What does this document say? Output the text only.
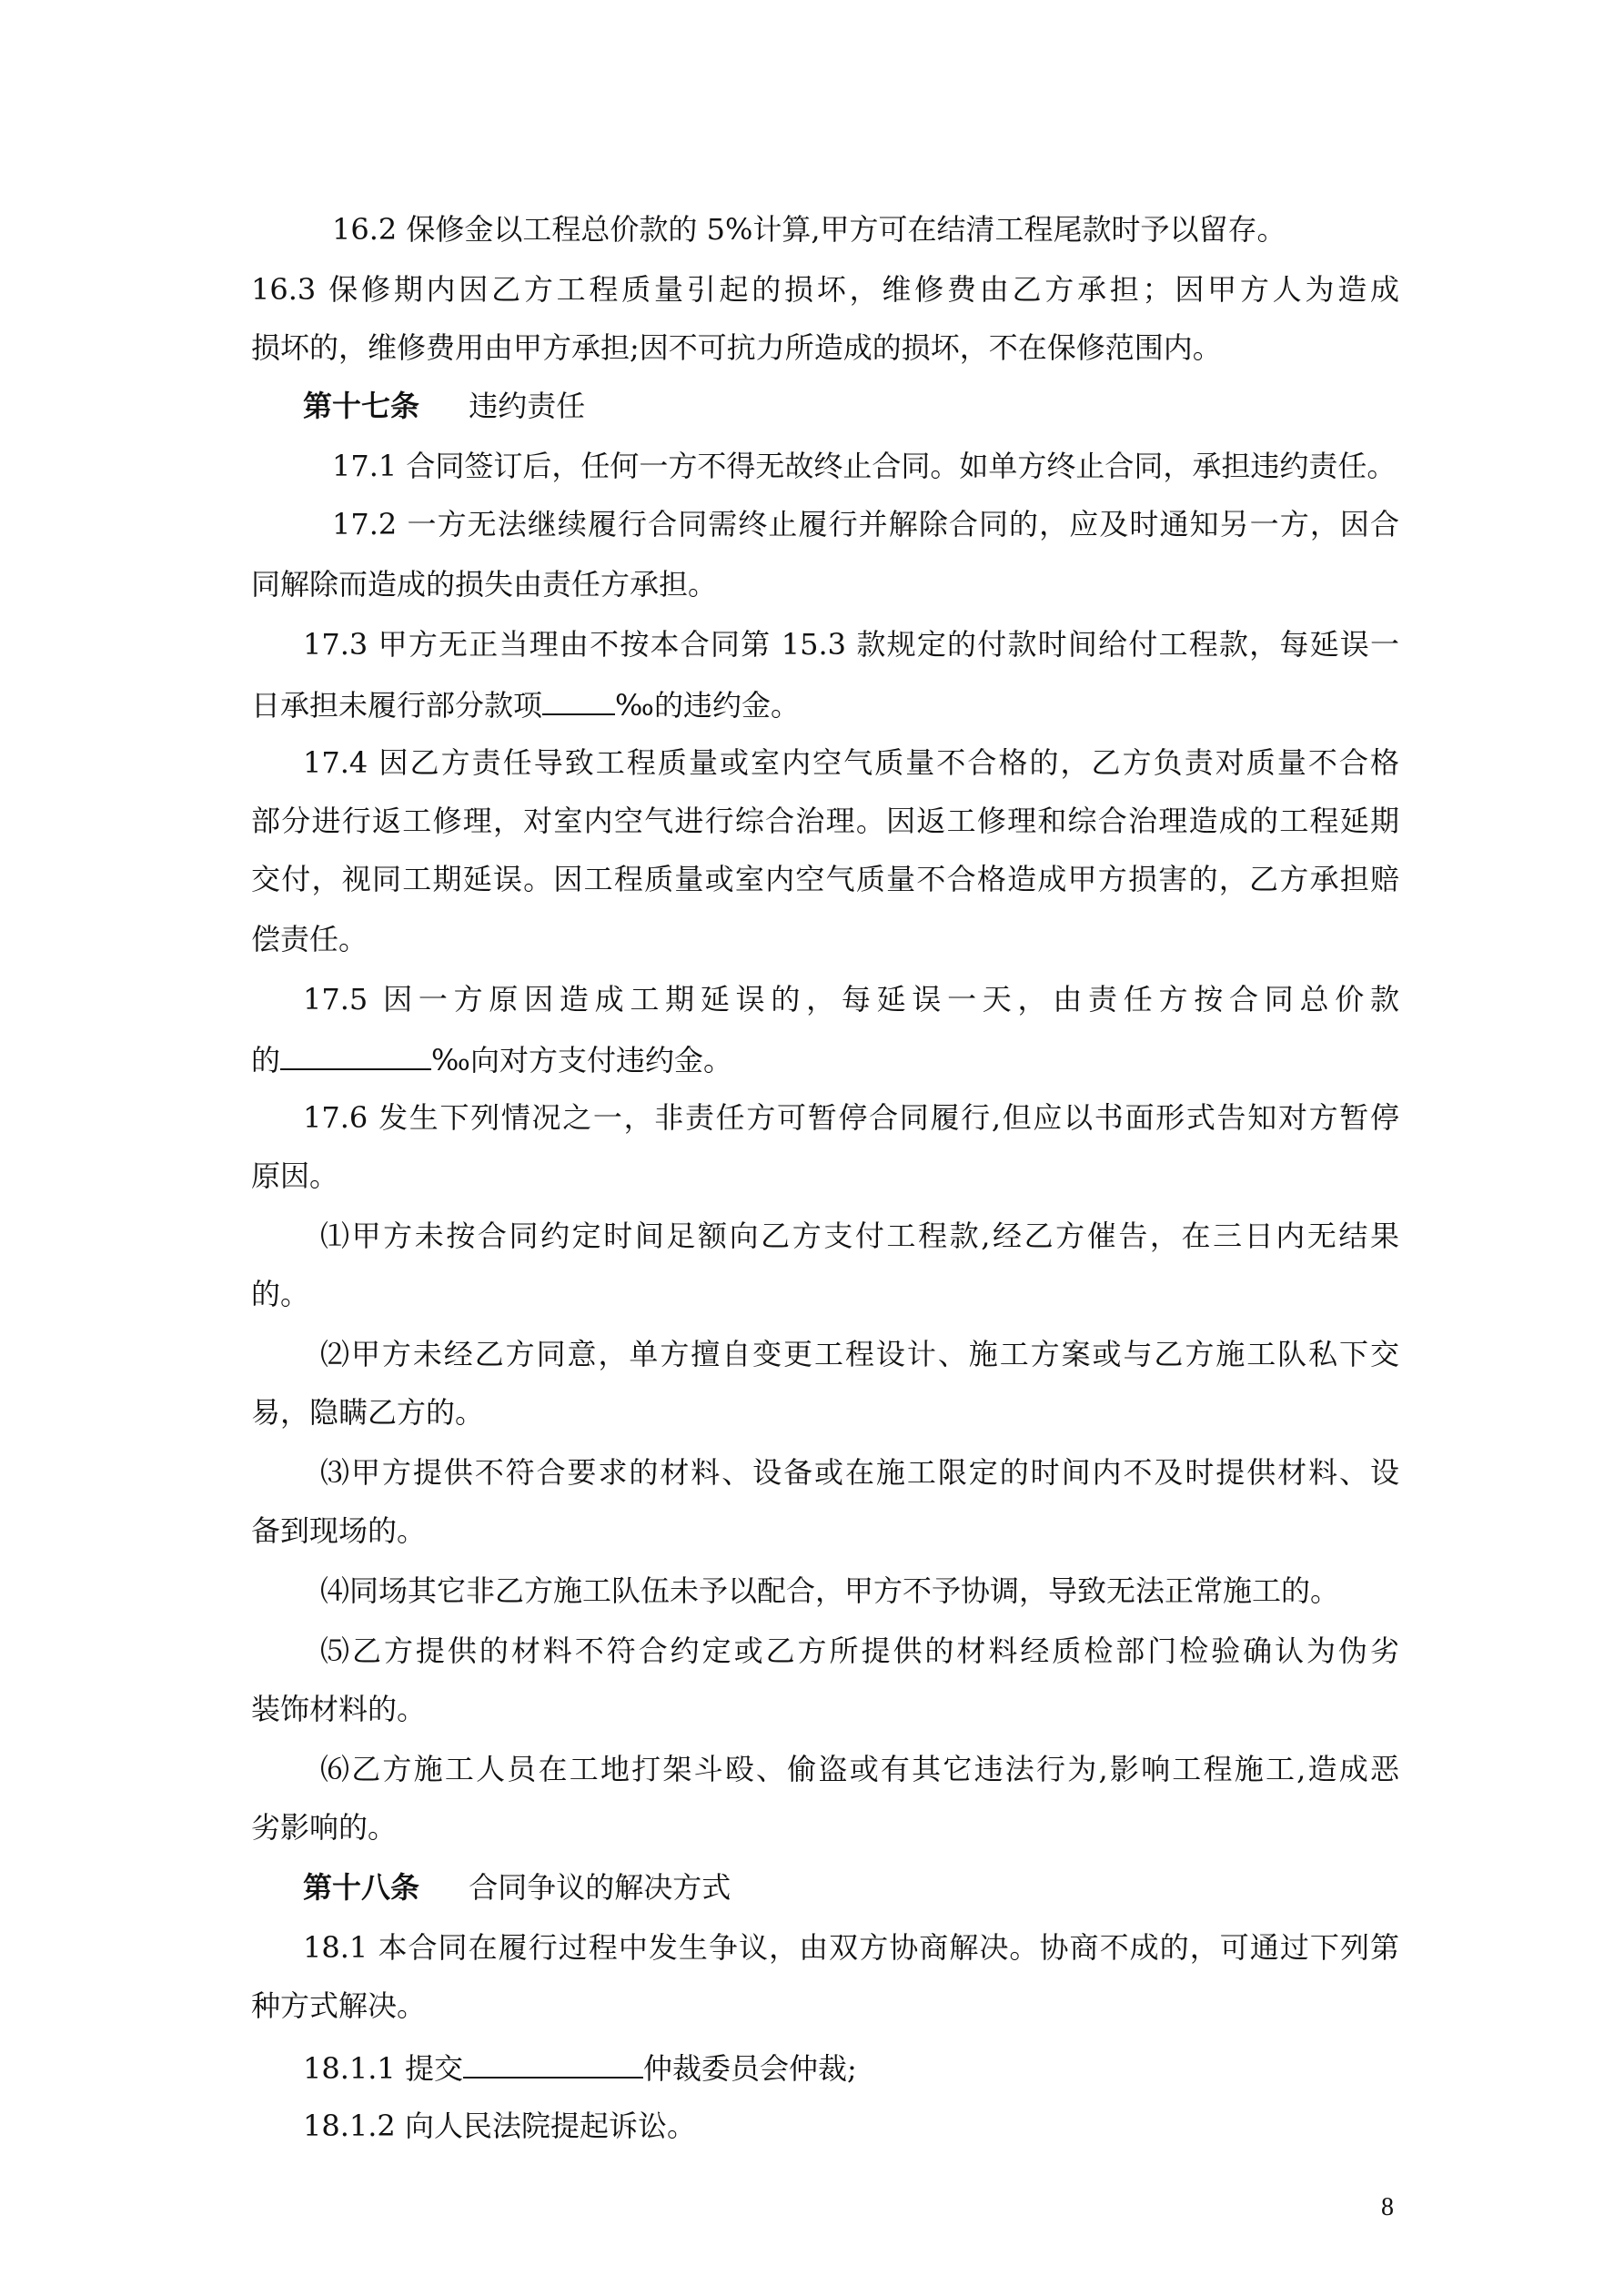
16.2 保修金以工程总价款的 5%计算,甲方可在结清工程尾款时予以留存。
16.3 保修期内因乙方工程质量引起的损坏，维修费由乙方承担；因甲方人为造成
损坏的，维修费用由甲方承担;因不可抗力所造成的损坏，不在保修范围内。
第十七条 违约责任
17.1 合同签订后，任何一方不得无故终止合同。如单方终止合同，承担违约责任。
17.2 一方无法继续履行合同需终止履行并解除合同的，应及时通知另一方，因合
同解除而造成的损失由责任方承担。
17.3 甲方无正当理由不按本合同第 15.3 款规定的付款时间给付工程款，每延误一
日承担未履行部分款项	‰的违约金。
17.4 因乙方责任导致工程质量或室内空气质量不合格的，乙方负责对质量不合格
部分进行返工修理，对室内空气进行综合治理。因返工修理和综合治理造成的工程延期
交付，视同工期延误。因工程质量或室内空气质量不合格造成甲方损害的，乙方承担赔
偿责任。
17.5 因一方原因造成工期延误的，每延误一天，由责任方按合同总价款
的	‰向对方支付违约金。
17.6 发生下列情况之一，非责任方可暂停合同履行,但应以书面形式告知对方暂停
原因。
⑴甲方未按合同约定时间足额向乙方支付工程款,经乙方催告，在三日内无结果
的。
⑵甲方未经乙方同意，单方擅自变更工程设计、施工方案或与乙方施工队私下交
易，隐瞒乙方的。
⑶甲方提供不符合要求的材料、设备或在施工限定的时间内不及时提供材料、设
备到现场的。
⑷同场其它非乙方施工队伍未予以配合，甲方不予协调，导致无法正常施工的。
⑸乙方提供的材料不符合约定或乙方所提供的材料经质检部门检验确认为伪劣
装饰材料的。
⑹乙方施工人员在工地打架斗殴、偷盗或有其它违法行为,影响工程施工,造成恶
劣影响的。
第十八条 合同争议的解决方式
18.1 本合同在履行过程中发生争议，由双方协商解决。协商不成的，可通过下列第
种方式解决。
18.1.1 提交	仲裁委员会仲裁;
18.1.2 向人民法院提起诉讼。
8
